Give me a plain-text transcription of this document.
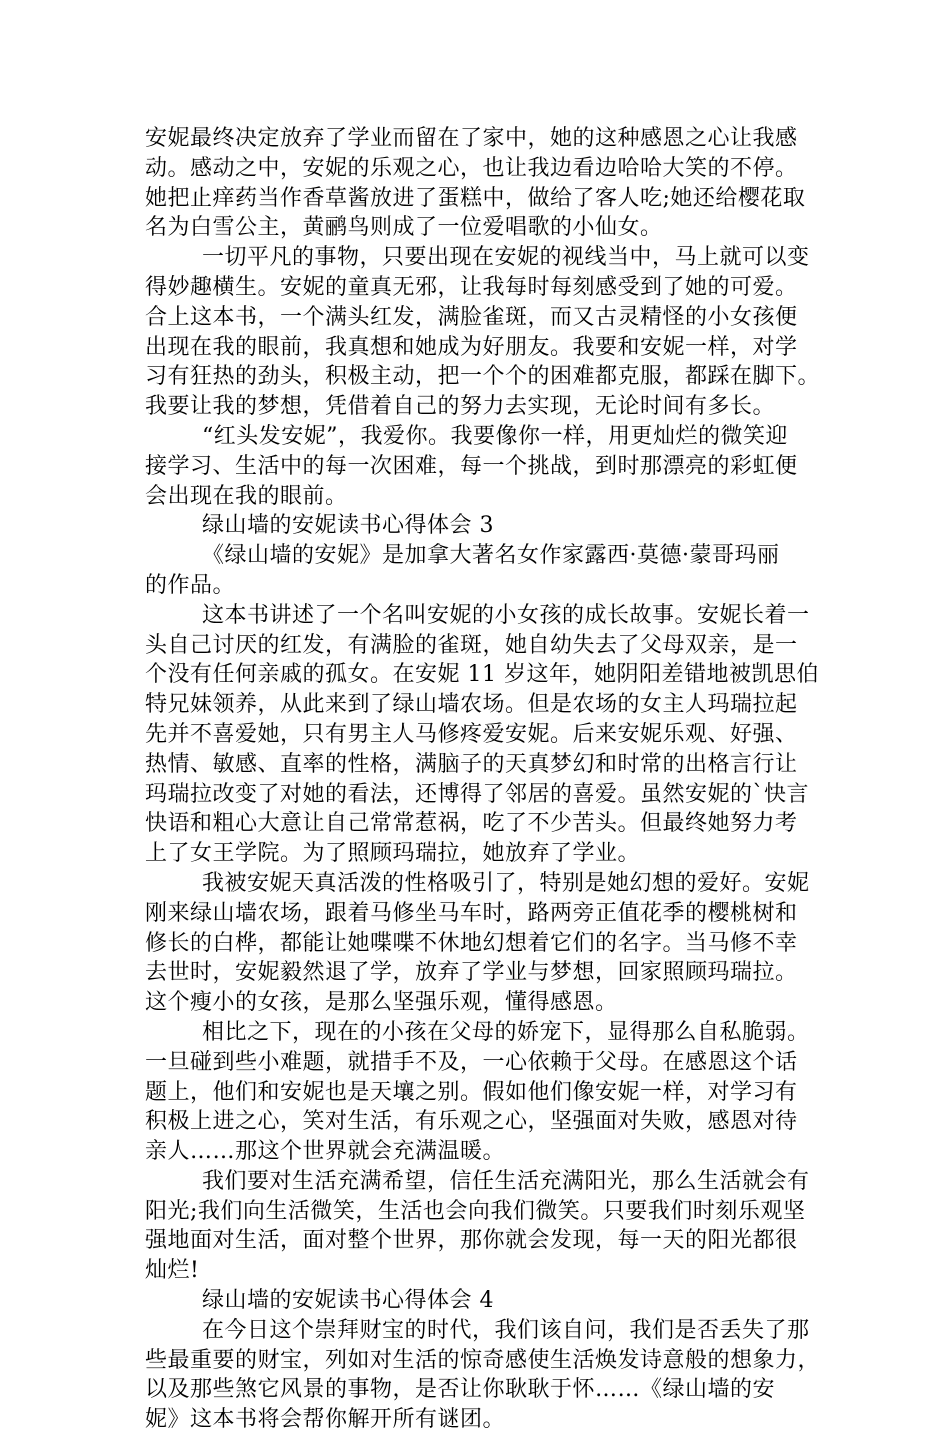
安妮最终决定放弃了学业而留在了家中，她的这种感恩之心让我感
动。感动之中，安妮的乐观之心，也让我边看边哈哈大笑的不停。
她把止痒药当作香草酱放进了蛋糕中，做给了客人吃;她还给樱花取
名为白雪公主，黄鹂鸟则成了一位爱唱歌的小仙女。
一切平凡的事物，只要出现在安妮的视线当中，马上就可以变
得妙趣横生。安妮的童真无邪，让我每时每刻感受到了她的可爱。
合上这本书，一个满头红发，满脸雀斑，而又古灵精怪的小女孩便
出现在我的眼前，我真想和她成为好朋友。我要和安妮一样，对学
习有狂热的劲头，积极主动，把一个个的困难都克服，都踩在脚下。
我要让我的梦想，凭借着自己的努力去实现，无论时间有多长。
“红头发安妮”，我爱你。我要像你一样，用更灿烂的微笑迎
接学习、生活中的每一次困难，每一个挑战，到时那漂亮的彩虹便
会出现在我的眼前。
绿山墙的安妮读书心得体会 3
《绿山墙的安妮》是加拿大著名女作家露西·莫德·蒙哥玛丽
的作品。
这本书讲述了一个名叫安妮的小女孩的成长故事。安妮长着一
头自己讨厌的红发，有满脸的雀斑，她自幼失去了父母双亲，是一
个没有任何亲戚的孤女。在安妮 11 岁这年，她阴阳差错地被凯思伯
特兄妹领养，从此来到了绿山墙农场。但是农场的女主人玛瑞拉起
先并不喜爱她，只有男主人马修疼爱安妮。后来安妮乐观、好强、
热情、敏感、直率的性格，满脑子的天真梦幻和时常的出格言行让
玛瑞拉改变了对她的看法，还博得了邻居的喜爱。虽然安妮的`快言
快语和粗心大意让自己常常惹祸，吃了不少苦头。但最终她努力考
上了女王学院。为了照顾玛瑞拉，她放弃了学业。
我被安妮天真活泼的性格吸引了，特别是她幻想的爱好。安妮
刚来绿山墙农场，跟着马修坐马车时，路两旁正值花季的樱桃树和
修长的白桦，都能让她喋喋不休地幻想着它们的名字。当马修不幸
去世时，安妮毅然退了学，放弃了学业与梦想，回家照顾玛瑞拉。
这个瘦小的女孩，是那么坚强乐观，懂得感恩。
相比之下，现在的小孩在父母的娇宠下，显得那么自私脆弱。
一旦碰到些小难题，就措手不及，一心依赖于父母。在感恩这个话
题上，他们和安妮也是天壤之别。假如他们像安妮一样，对学习有
积极上进之心，笑对生活，有乐观之心，坚强面对失败，感恩对待
亲人……那这个世界就会充满温暖。
我们要对生活充满希望，信任生活充满阳光，那么生活就会有
阳光;我们向生活微笑，生活也会向我们微笑。只要我们时刻乐观坚
强地面对生活，面对整个世界，那你就会发现，每一天的阳光都很
灿烂!
绿山墙的安妮读书心得体会 4
在今日这个崇拜财宝的时代，我们该自问，我们是否丢失了那
些最重要的财宝，列如对生活的惊奇感使生活焕发诗意般的想象力，
以及那些煞它风景的事物，是否让你耿耿于怀……《绿山墙的安
妮》这本书将会帮你解开所有谜团。
